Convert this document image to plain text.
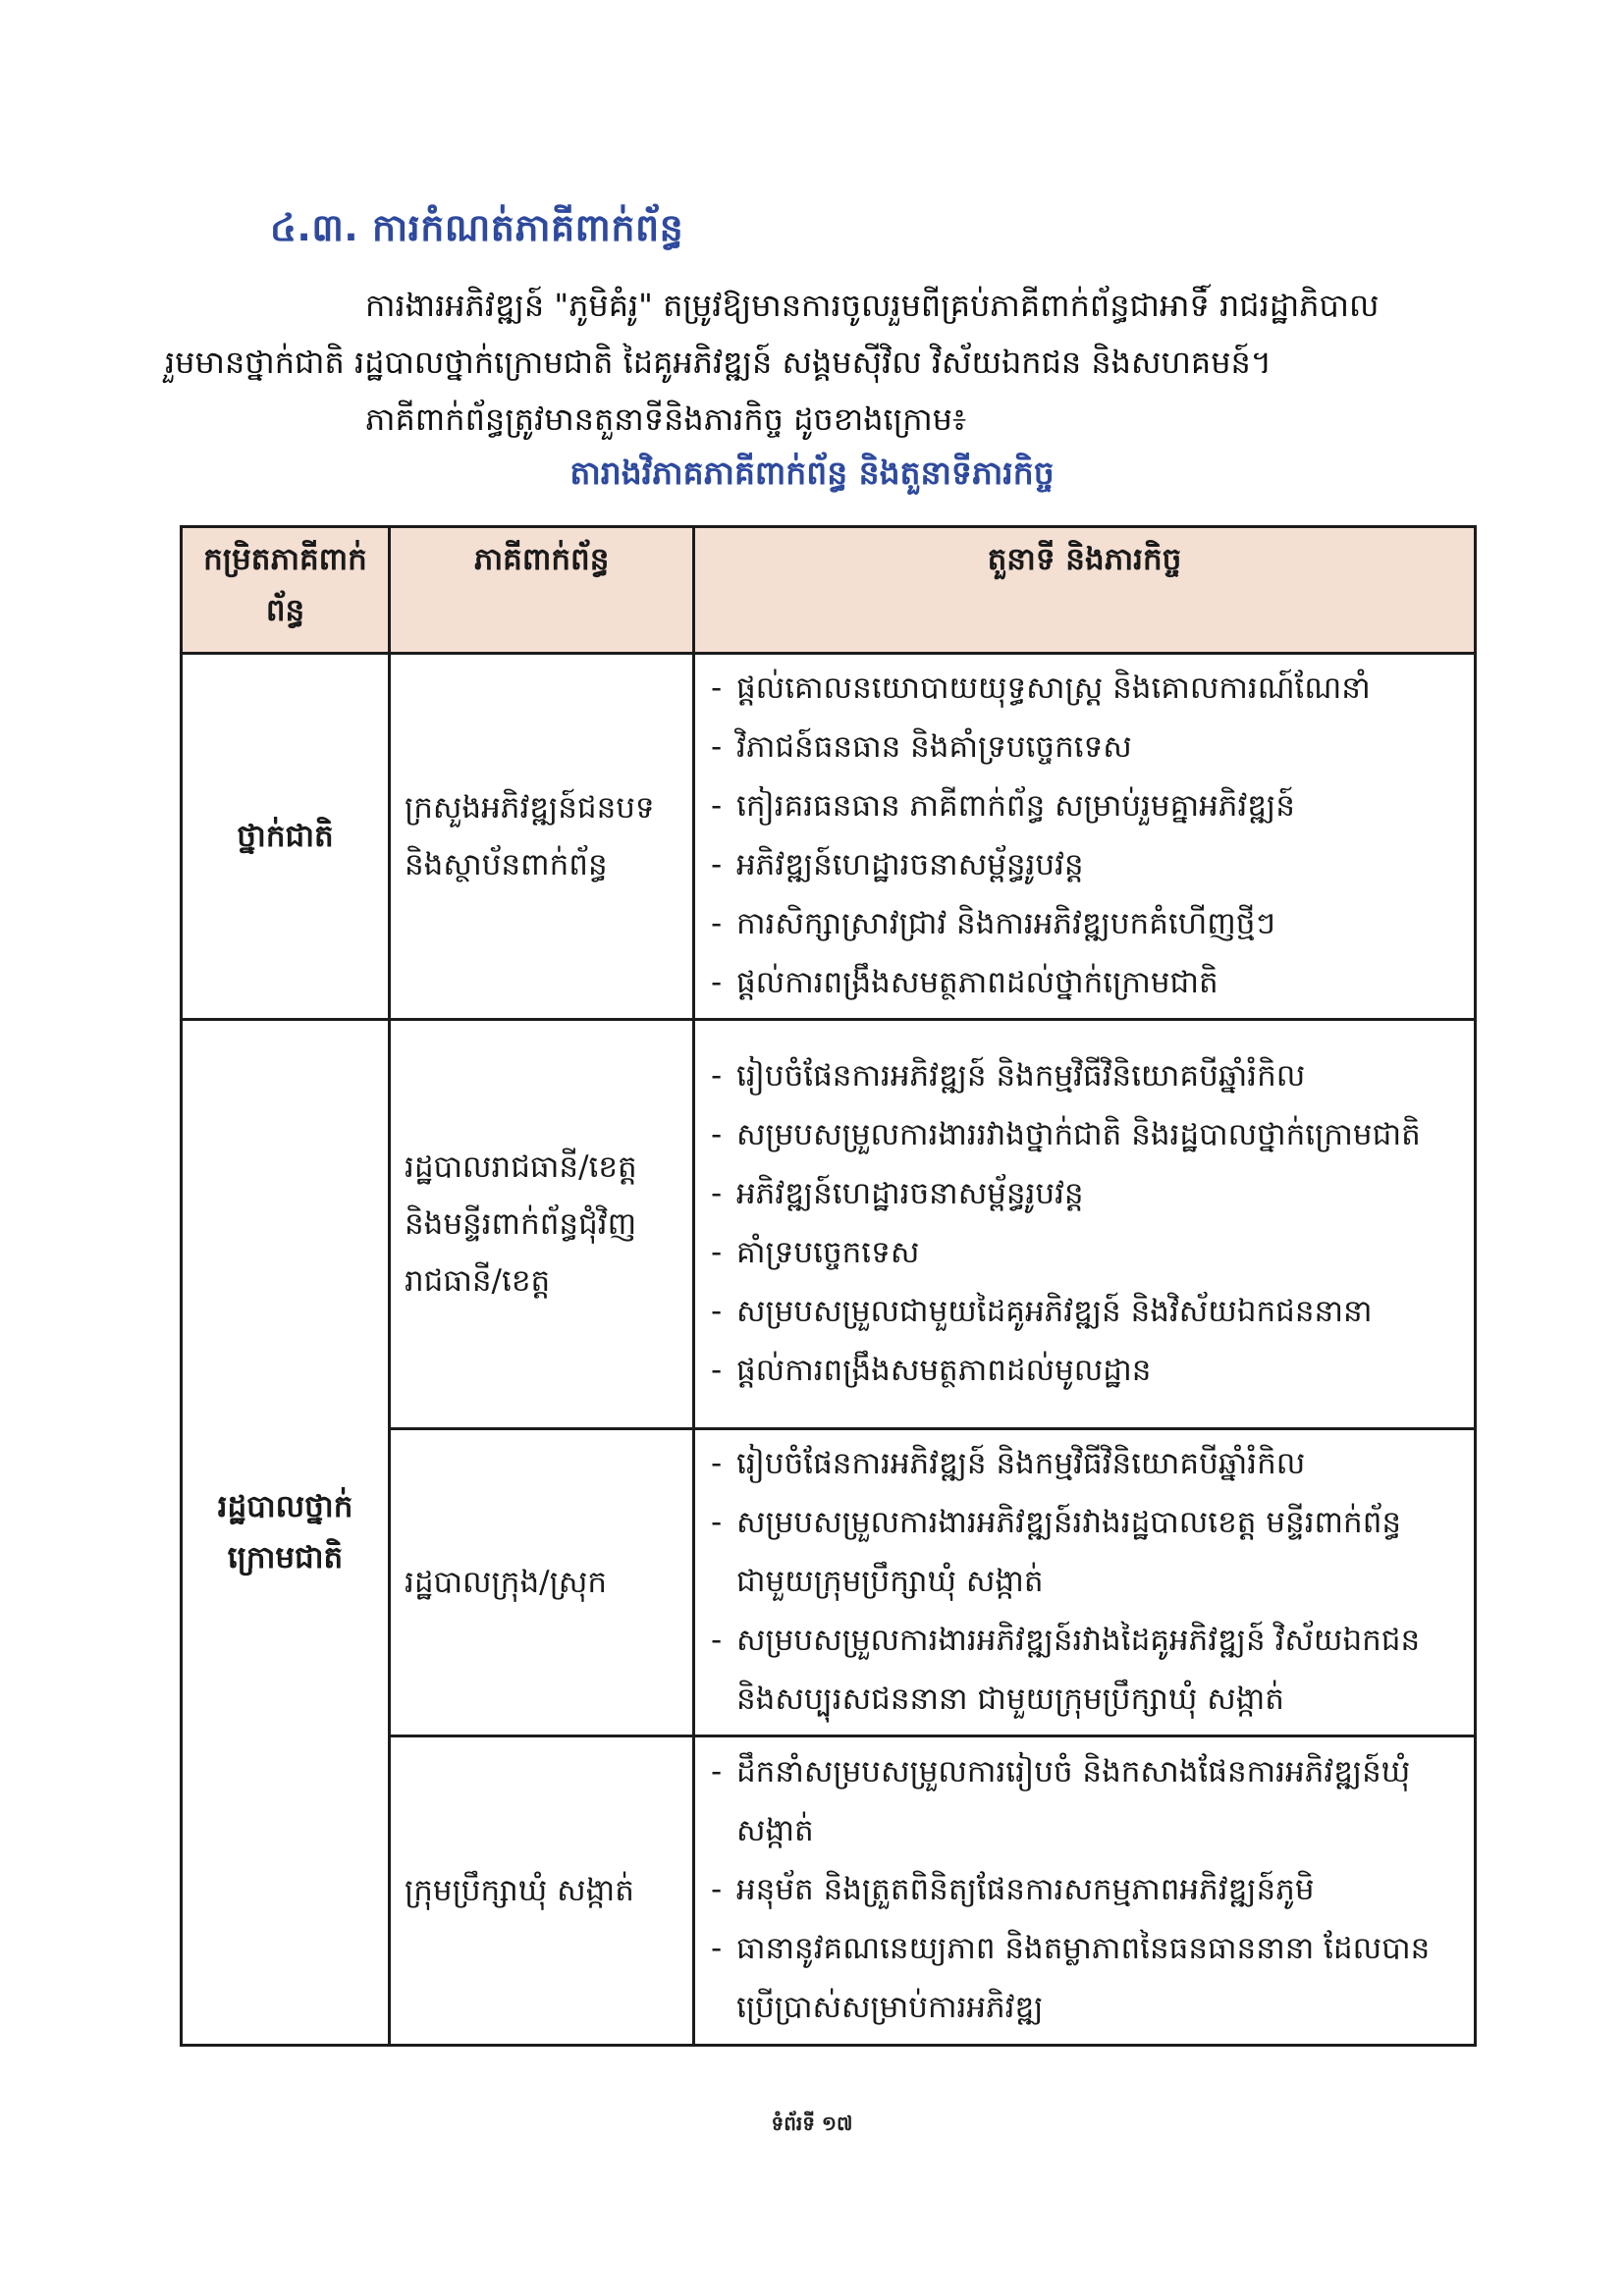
៤.៣. ការកំណត់ភាគីពាក់ព័ន្ធ
ការងារអភិវឌ្ឍន៍ "ភូមិគំរូ" តម្រូវឱ្យមានការចូលរួមពីគ្រប់ភាគីពាក់ព័ន្ធជាអាទិ៍ រាជរដ្ឋាភិបាល
រួមមានថ្នាក់ជាតិ រដ្ឋបាលថ្នាក់ក្រោមជាតិ ដៃគូអភិវឌ្ឍន៍ សង្គមស៊ីវិល វិស័យឯកជន និងសហគមន៍។
ភាគីពាក់ព័ន្ធត្រូវមានតួនាទីនិងភារកិច្ច ដូចខាងក្រោម៖
តារាងវិភាគភាគីពាក់ព័ន្ធ និងតួនាទីភារកិច្ច
កម្រិតភាគីពាក់ព័ន្ធ	ភាគីពាក់ព័ន្ធ	តួនាទី និងភារកិច្ច
ថ្នាក់ជាតិ	ក្រសួងអភិវឌ្ឍន៍ជនបទ និងស្ថាប័នពាក់ព័ន្ធ	
- ផ្តល់គោលនយោបាយយុទ្ធសាស្ត្រ និងគោលការណ៍ណែនាំ
- វិភាជន៍ធនធាន និងគាំទ្របច្ចេកទេស
- កៀរគរធនធាន ភាគីពាក់ព័ន្ធ សម្រាប់រួមគ្នាអភិវឌ្ឍន៍
- អភិវឌ្ឍន៍ហេដ្ឋារចនាសម្ព័ន្ធរូបវន្ត
- ការសិក្សាស្រាវជ្រាវ និងការអភិវឌ្ឍបកគំហើញថ្មីៗ
- ផ្តល់ការពង្រឹងសមត្ថភាពដល់ថ្នាក់ក្រោមជាតិ

រដ្ឋបាលថ្នាក់ក្រោមជាតិ	រដ្ឋបាលរាជធានី/ខេត្ត និងមន្ទីរពាក់ព័ន្ធជុំវិញរាជធានី/ខេត្ត	
- រៀបចំផែនការអភិវឌ្ឍន៍ និងកម្មវិធីវិនិយោគបីឆ្នាំរំកិល
- សម្របសម្រួលការងាររវាងថ្នាក់ជាតិ និងរដ្ឋបាលថ្នាក់ក្រោមជាតិ
- អភិវឌ្ឍន៍ហេដ្ឋារចនាសម្ព័ន្ធរូបវន្ត
- គាំទ្របច្ចេកទេស
- សម្របសម្រួលជាមួយដៃគូអភិវឌ្ឍន៍ និងវិស័យឯកជននានា
- ផ្តល់ការពង្រឹងសមត្ថភាពដល់មូលដ្ឋាន

រដ្ឋបាលក្រុង/ស្រុក	
- រៀបចំផែនការអភិវឌ្ឍន៍ និងកម្មវិធីវិនិយោគបីឆ្នាំរំកិល
- សម្របសម្រួលការងារអភិវឌ្ឍន៍រវាងរដ្ឋបាលខេត្ត មន្ទីរពាក់ព័ន្ធជាមួយក្រុមប្រឹក្សាឃុំ សង្កាត់
- សម្របសម្រួលការងារអភិវឌ្ឍន៍រវាងដៃគូអភិវឌ្ឍន៍ វិស័យឯកជន និងសប្បុរសជននានា ជាមួយក្រុមប្រឹក្សាឃុំ សង្កាត់

ក្រុមប្រឹក្សាឃុំ សង្កាត់	
- ដឹកនាំសម្របសម្រួលការរៀបចំ និងកសាងផែនការអភិវឌ្ឍន៍ឃុំ សង្កាត់
- អនុម័ត និងត្រួតពិនិត្យផែនការសកម្មភាពអភិវឌ្ឍន៍ភូមិ
- ធានានូវគណនេយ្យភាព និងតម្លាភាពនៃធនធាននានា ដែលបានប្រើប្រាស់សម្រាប់ការអភិវឌ្ឍ
ទំព័រទី ១៧
